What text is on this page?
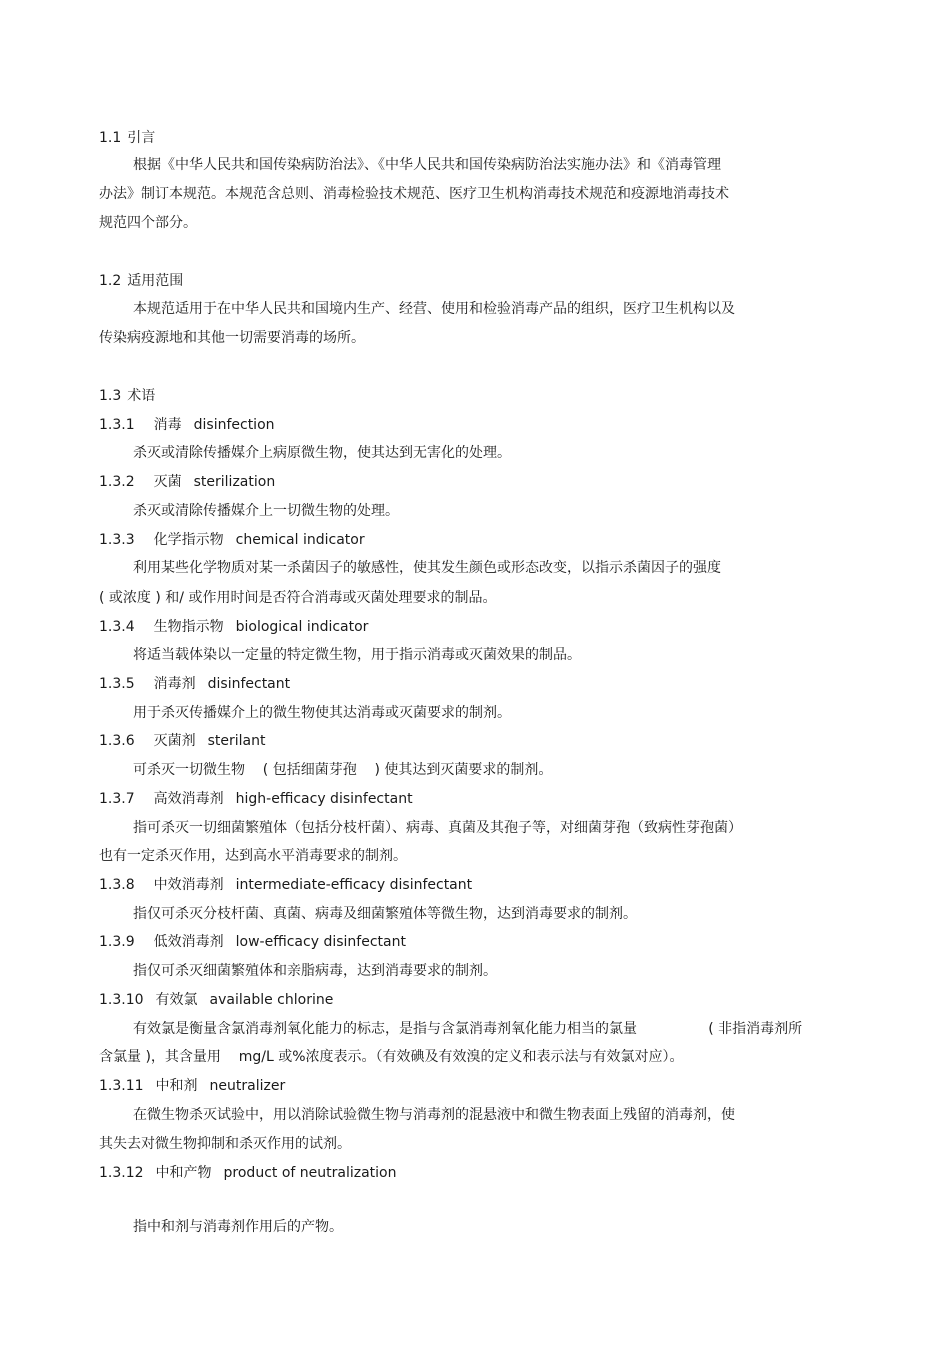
1.1 引言
根据《中华人民共和国传染病防治法》、《中华人民共和国传染病防治法实施办法》和《消毒管理
办法》制订本规范。本规范含总则、消毒检验技术规范、医疗卫生机构消毒技术规范和疫源地消毒技术
规范四个部分。
1.2 适用范围
本规范适用于在中华人民共和国境内生产、经营、使用和检验消毒产品的组织，医疗卫生机构以及
传染病疫源地和其他一切需要消毒的场所。
1.3 术语
1.3.1 消毒 disinfection
杀灭或清除传播媒介上病原微生物，使其达到无害化的处理。
1.3.2 灭菌 sterilization
杀灭或清除传播媒介上一切微生物的处理。
1.3.3 化学指示物 chemical indicator
利用某些化学物质对某一杀菌因子的敏感性，使其发生颜色或形态改变，以指示杀菌因子的强度
( 或浓度 ) 和/ 或作用时间是否符合消毒或灭菌处理要求的制品。
1.3.4 生物指示物 biological indicator
将适当载体染以一定量的特定微生物，用于指示消毒或灭菌效果的制品。
1.3.5 消毒剂 disinfectant
用于杀灭传播媒介上的微生物使其达消毒或灭菌要求的制剂。
1.3.6 灭菌剂 sterilant
可杀灭一切微生物    ( 包括细菌芽孢    ) 使其达到灭菌要求的制剂。
1.3.7 高效消毒剂 high-efficacy disinfectant
指可杀灭一切细菌繁殖体（包括分枝杆菌）、病毒、真菌及其孢子等，对细菌芽孢（致病性芽孢菌）
也有一定杀灭作用，达到高水平消毒要求的制剂。
1.3.8 中效消毒剂 intermediate-efficacy disinfectant
指仅可杀灭分枝杆菌、真菌、病毒及细菌繁殖体等微生物，达到消毒要求的制剂。
1.3.9 低效消毒剂 low-efficacy disinfectant
指仅可杀灭细菌繁殖体和亲脂病毒，达到消毒要求的制剂。
1.3.10 有效氯 available chlorine
有效氯是衡量含氯消毒剂氧化能力的标志，是指与含氯消毒剂氧化能力相当的氯量                ( 非指消毒剂所
含氯量 )，其含量用    mg/L 或%浓度表示。（有效碘及有效溴的定义和表示法与有效氯对应）。
1.3.11 中和剂 neutralizer
在微生物杀灭试验中，用以消除试验微生物与消毒剂的混悬液中和微生物表面上残留的消毒剂，使
其失去对微生物抑制和杀灭作用的试剂。
1.3.12 中和产物 product of neutralization
指中和剂与消毒剂作用后的产物。
